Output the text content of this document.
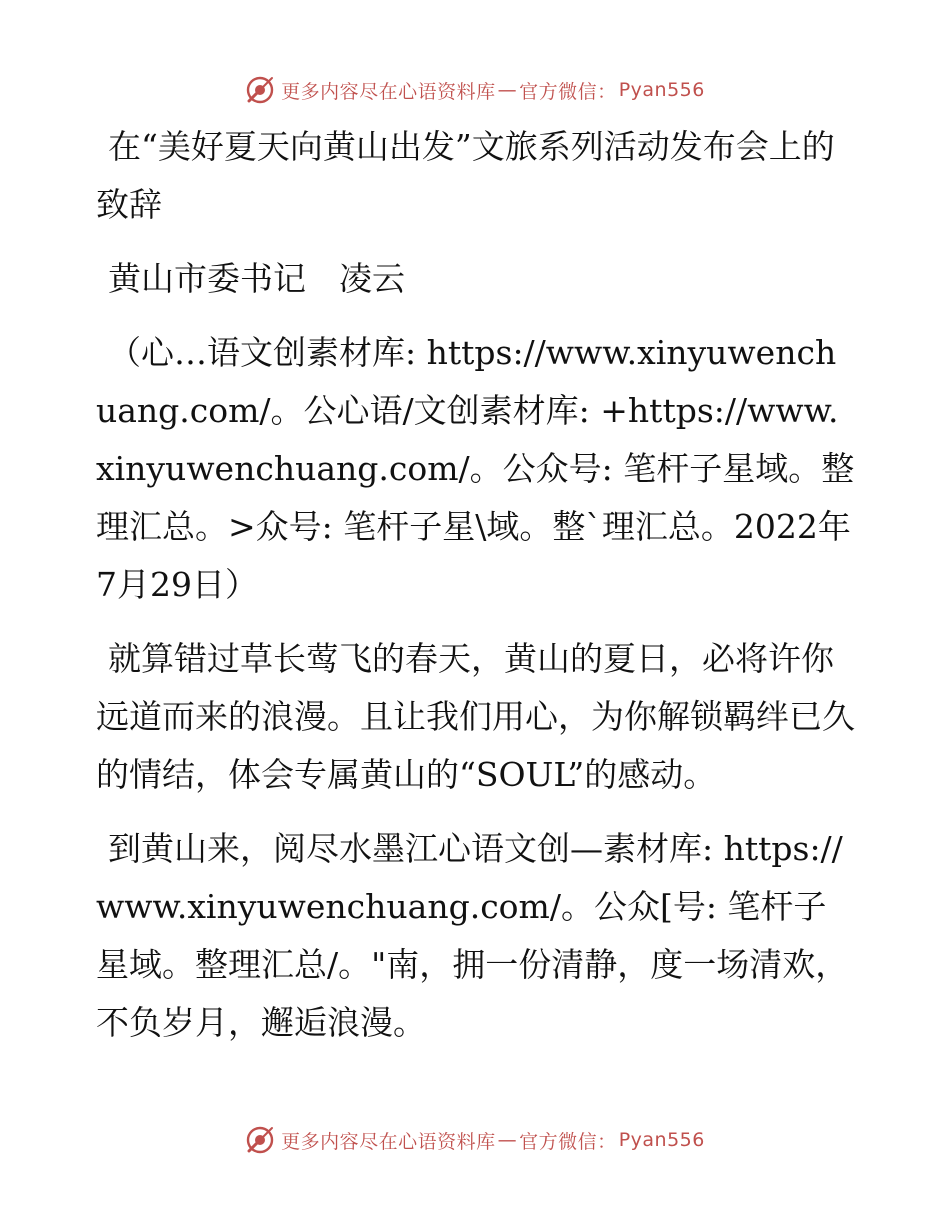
更多内容尽在心语资料库 — 官方微信： Pyan556

在“美好夏天向黄山出发”文旅系列活动发布会上的致辞

黄山市委书记　凌云

（心…语文创素材库: https://www.xinyuwenchuang.com/。公心语/文创素材库: +https://www.xinyuwenchuang.com/。公众号: 笔杆子星域。整理汇总。>众号: 笔杆子星\域。整`理汇总。2022年7月29日）

就算错过草长莺飞的春天，黄山的夏日，必将许你远道而来的浪漫。且让我们用心，为你解锁羁绊已久的情结，体会专属黄山的“SOUL”的感动。

到黄山来，阅尽水墨江心语文创—素材库: https://www.xinyuwenchuang.com/。公众[号: 笔杆子星域。整理汇总/。"南，拥一份清静，度一场清欢，不负岁月，邂逅浪漫。

更多内容尽在心语资料库 — 官方微信： Pyan556
